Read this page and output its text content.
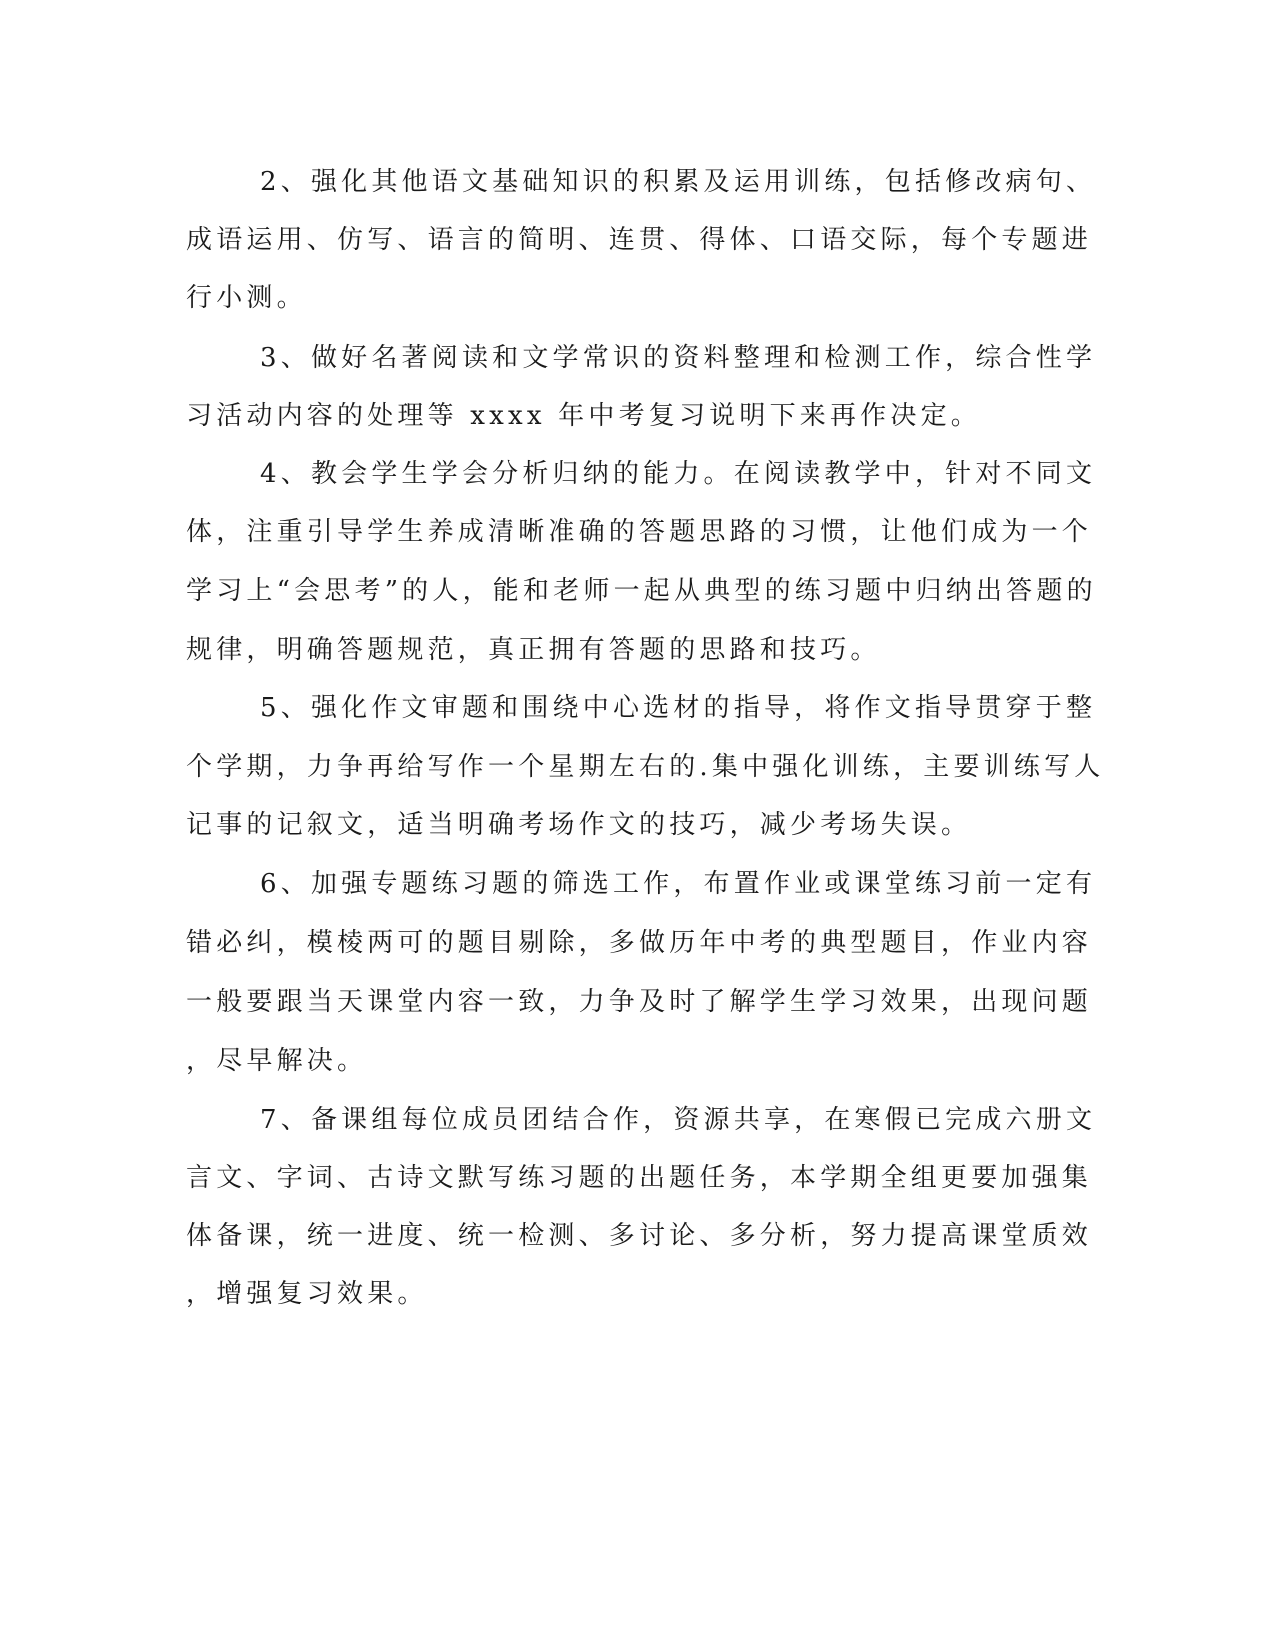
2、强化其他语文基础知识的积累及运用训练，包括修改病句、
成语运用、仿写、语言的简明、连贯、得体、口语交际，每个专题进
行小测。
3、做好名著阅读和文学常识的资料整理和检测工作，综合性学
习活动内容的处理等 xxxx 年中考复习说明下来再作决定。
4、教会学生学会分析归纳的能力。在阅读教学中，针对不同文
体，注重引导学生养成清晰准确的答题思路的习惯，让他们成为一个
学习上“会思考”的人，能和老师一起从典型的练习题中归纳出答题的
规律，明确答题规范，真正拥有答题的思路和技巧。
5、强化作文审题和围绕中心选材的指导，将作文指导贯穿于整
个学期，力争再给写作一个星期左右的.集中强化训练，主要训练写人
记事的记叙文，适当明确考场作文的技巧，减少考场失误。
6、加强专题练习题的筛选工作，布置作业或课堂练习前一定有
错必纠，模棱两可的题目剔除，多做历年中考的典型题目，作业内容
一般要跟当天课堂内容一致，力争及时了解学生学习效果，出现问题
，尽早解决。
7、备课组每位成员团结合作，资源共享，在寒假已完成六册文
言文、字词、古诗文默写练习题的出题任务，本学期全组更要加强集
体备课，统一进度、统一检测、多讨论、多分析，努力提高课堂质效
，增强复习效果。
